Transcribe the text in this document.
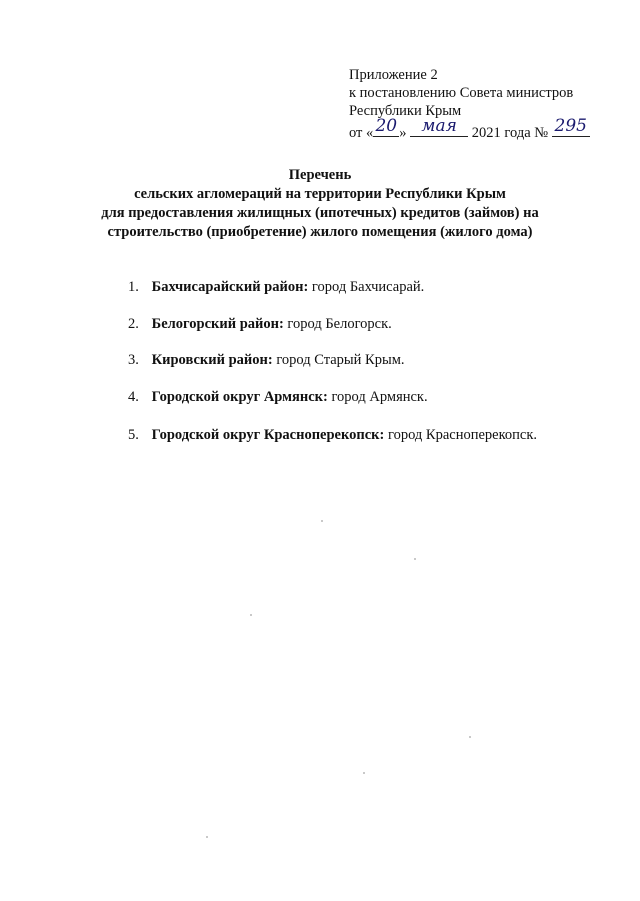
Приложение 2
к постановлению Совета министров
Республики Крым
от « 20 » мая	2021 года № 295
Перечень
сельских агломераций на территории Республики Крым
для предоставления жилищных (ипотечных) кредитов (займов) на
строительство (приобретение) жилого помещения (жилого дома)
1. Бахчисарайский район: город Бахчисарай.
2. Белогорский район: город Белогорск.
3. Кировский район: город Старый Крым.
4. Городской округ Армянск: город Армянск.
5. Городской округ Красноперекопск: город Красноперекопск.
